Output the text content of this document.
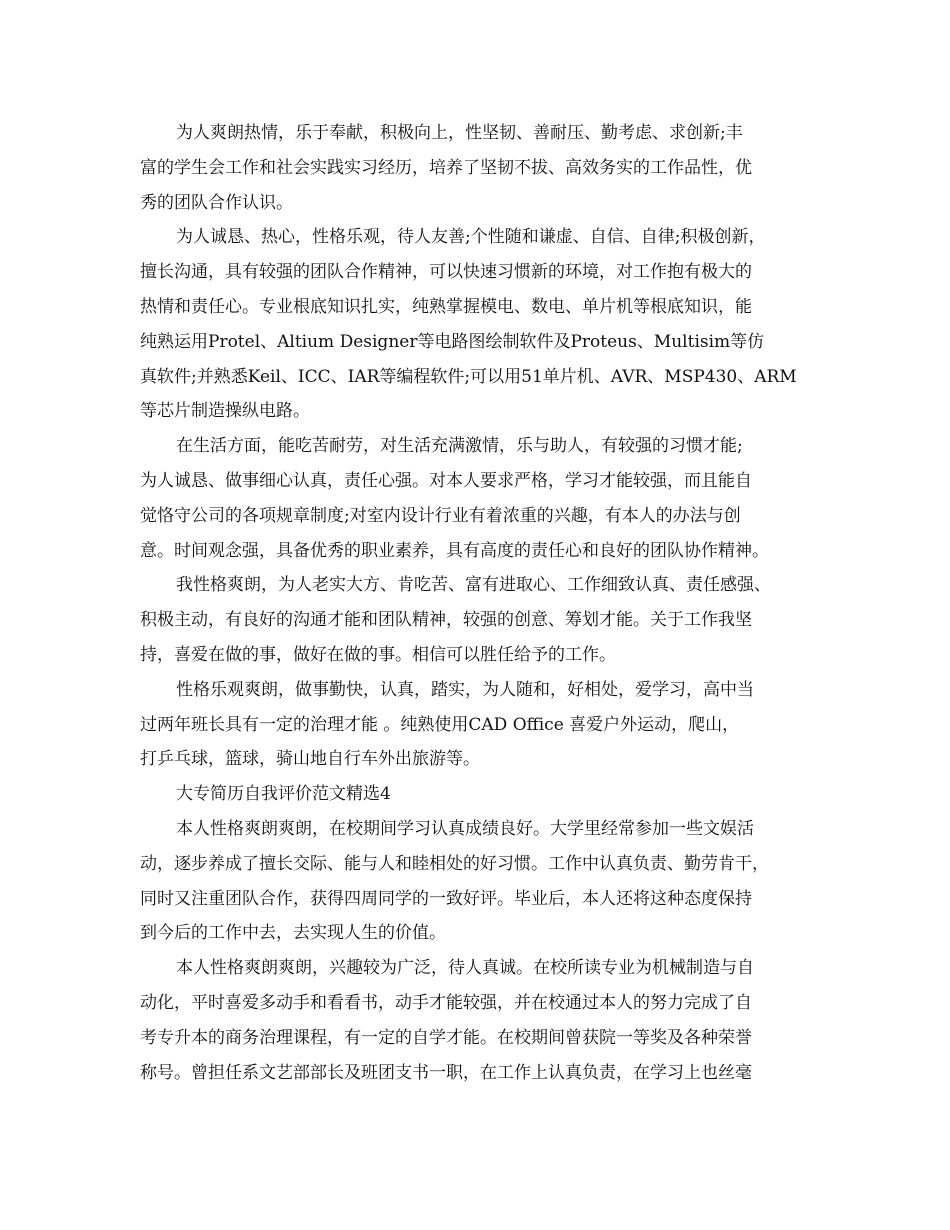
为人爽朗热情，乐于奉献，积极向上，性坚韧、善耐压、勤考虑、求创新;丰
富的学生会工作和社会实践实习经历，培养了坚韧不拔、高效务实的工作品性，优
秀的团队合作认识。
为人诚恳、热心，性格乐观，待人友善;个性随和谦虚、自信、自律;积极创新，
擅长沟通，具有较强的团队合作精神，可以快速习惯新的环境，对工作抱有极大的
热情和责任心。专业根底知识扎实，纯熟掌握模电、数电、单片机等根底知识，能
纯熟运用Protel、Altium Designer等电路图绘制软件及Proteus、Multisim等仿
真软件;并熟悉Keil、ICC、IAR等编程软件;可以用51单片机、AVR、MSP430、ARM
等芯片制造操纵电路。
在生活方面，能吃苦耐劳，对生活充满激情，乐与助人，有较强的习惯才能;
为人诚恳、做事细心认真，责任心强。对本人要求严格，学习才能较强，而且能自
觉恪守公司的各项规章制度;对室内设计行业有着浓重的兴趣，有本人的办法与创
意。时间观念强，具备优秀的职业素养，具有高度的责任心和良好的团队协作精神。
我性格爽朗，为人老实大方、肯吃苦、富有进取心、工作细致认真、责任感强、
积极主动，有良好的沟通才能和团队精神，较强的创意、筹划才能。关于工作我坚
持，喜爱在做的事，做好在做的事。相信可以胜任给予的工作。
性格乐观爽朗，做事勤快，认真，踏实，为人随和，好相处，爱学习，高中当
过两年班长具有一定的治理才能 。纯熟使用CAD Office 喜爱户外运动，爬山，
打乒乓球，篮球，骑山地自行车外出旅游等。
大专简历自我评价范文精选4
本人性格爽朗爽朗，在校期间学习认真成绩良好。大学里经常参加一些文娱活
动，逐步养成了擅长交际、能与人和睦相处的好习惯。工作中认真负责、勤劳肯干，
同时又注重团队合作，获得四周同学的一致好评。毕业后，本人还将这种态度保持
到今后的工作中去，去实现人生的价值。
本人性格爽朗爽朗，兴趣较为广泛，待人真诚。在校所读专业为机械制造与自
动化，平时喜爱多动手和看看书，动手才能较强，并在校通过本人的努力完成了自
考专升本的商务治理课程，有一定的自学才能。在校期间曾获院一等奖及各种荣誉
称号。曾担任系文艺部部长及班团支书一职，在工作上认真负责，在学习上也丝毫
